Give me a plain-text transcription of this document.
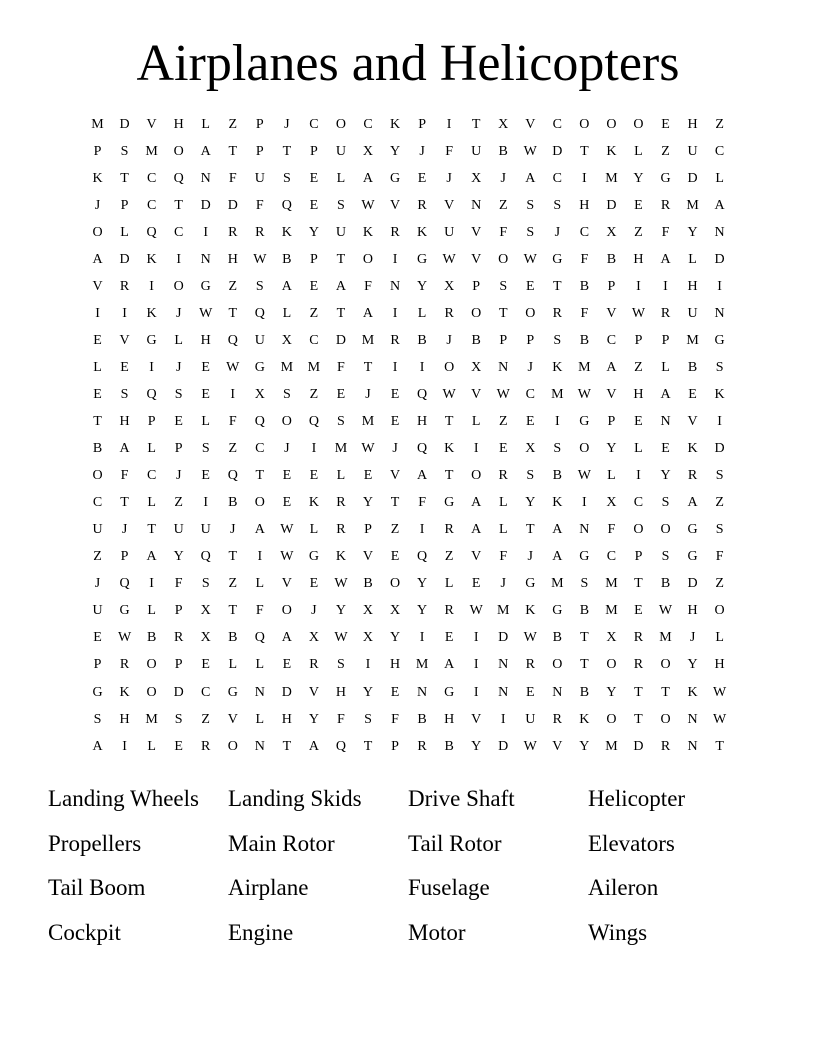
Airplanes and Helicopters
M	D	V	H	L	Z	P	J	C	O	C	K	P	I	T	X	V	C	O	O	O	E	H	Z
P	S	M	O	A	T	P	T	P	U	X	Y	J	F	U	B	W	D	T	K	L	Z	U	C
K	T	C	Q	N	F	U	S	E	L	A	G	E	J	X	J	A	C	I	M	Y	G	D	L
J	P	C	T	D	D	F	Q	E	S	W	V	R	V	N	Z	S	S	H	D	E	R	M	A
O	L	Q	C	I	R	R	K	Y	U	K	R	K	U	V	F	S	J	C	X	Z	F	Y	N
A	D	K	I	N	H	W	B	P	T	O	I	G	W	V	O	W	G	F	B	H	A	L	D
V	R	I	O	G	Z	S	A	E	A	F	N	Y	X	P	S	E	T	B	P	I	I	H	I
I	I	K	J	W	T	Q	L	Z	T	A	I	L	R	O	T	O	R	F	V	W	R	U	N
E	V	G	L	H	Q	U	X	C	D	M	R	B	J	B	P	P	S	B	C	P	P	M	G
L	E	I	J	E	W	G	M	M	F	T	I	I	O	X	N	J	K	M	A	Z	L	B	S
E	S	Q	S	E	I	X	S	Z	E	J	E	Q	W	V	W	C	M	W	V	H	A	E	K
T	H	P	E	L	F	Q	O	Q	S	M	E	H	T	L	Z	E	I	G	P	E	N	V	I
B	A	L	P	S	Z	C	J	I	M	W	J	Q	K	I	E	X	S	O	Y	L	E	K	D
O	F	C	J	E	Q	T	E	E	L	E	V	A	T	O	R	S	B	W	L	I	Y	R	S
C	T	L	Z	I	B	O	E	K	R	Y	T	F	G	A	L	Y	K	I	X	C	S	A	Z
U	J	T	U	U	J	A	W	L	R	P	Z	I	R	A	L	T	A	N	F	O	O	G	S
Z	P	A	Y	Q	T	I	W	G	K	V	E	Q	Z	V	F	J	A	G	C	P	S	G	F
J	Q	I	F	S	Z	L	V	E	W	B	O	Y	L	E	J	G	M	S	M	T	B	D	Z
U	G	L	P	X	T	F	O	J	Y	X	X	Y	R	W	M	K	G	B	M	E	W	H	O
E	W	B	R	X	B	Q	A	X	W	X	Y	I	E	I	D	W	B	T	X	R	M	J	L
P	R	O	P	E	L	L	E	R	S	I	H	M	A	I	N	R	O	T	O	R	O	Y	H
G	K	O	D	C	G	N	D	V	H	Y	E	N	G	I	N	E	N	B	Y	T	T	K	W
S	H	M	S	Z	V	L	H	Y	F	S	F	B	H	V	I	U	R	K	O	T	O	N	W
A	I	L	E	R	O	N	T	A	Q	T	P	R	B	Y	D	W	V	Y	M	D	R	N	T
Landing Wheels	Landing Skids	Drive Shaft	Helicopter
Propellers	Main Rotor	Tail Rotor	Elevators
Tail Boom	Airplane	Fuselage	Aileron
Cockpit	Engine	Motor	Wings
